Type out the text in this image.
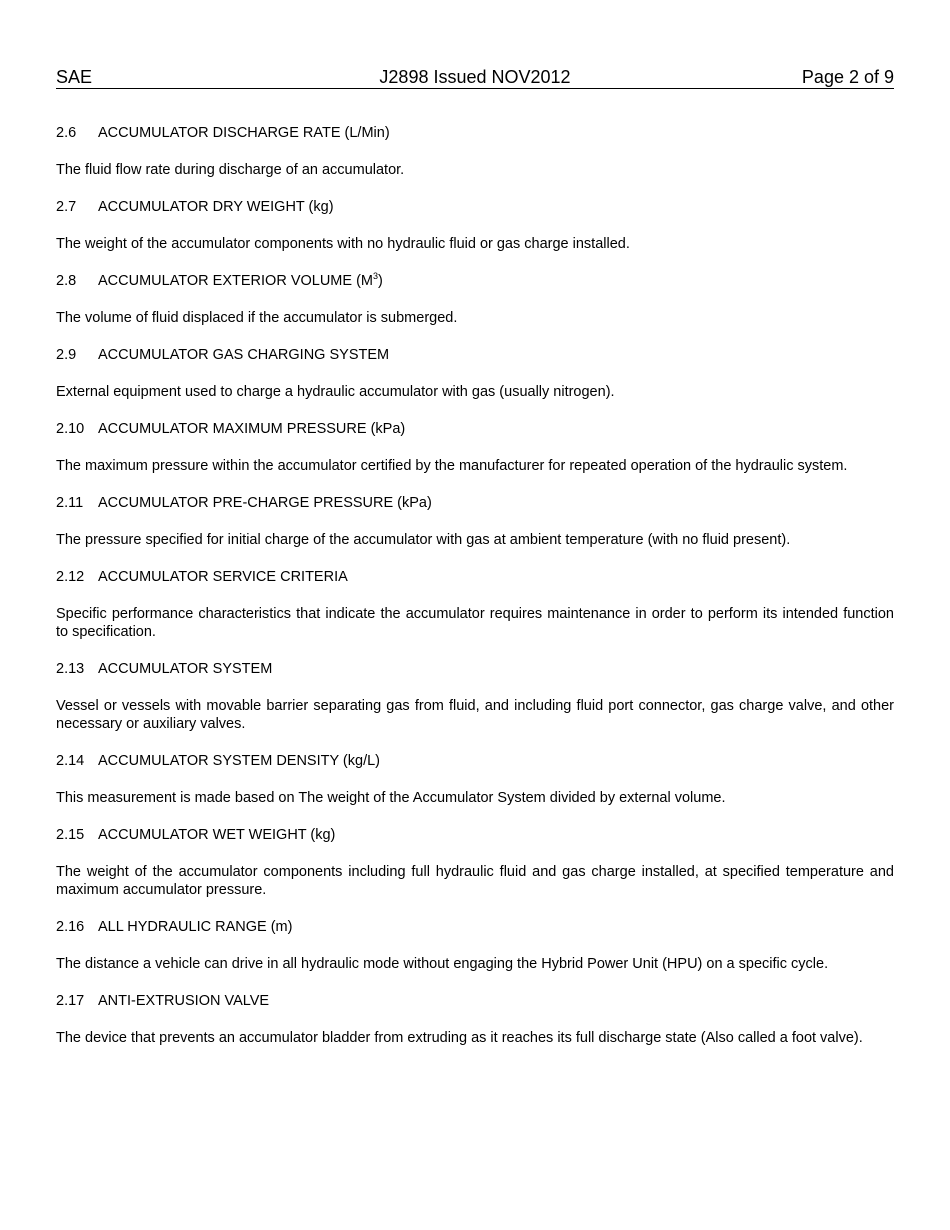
SAE	J2898 Issued NOV2012	Page 2 of 9

2.6 ACCUMULATOR DISCHARGE RATE (L/Min)

The fluid flow rate during discharge of an accumulator.

2.7 ACCUMULATOR DRY WEIGHT (kg)

The weight of the accumulator components with no hydraulic fluid or gas charge installed.

2.8 ACCUMULATOR EXTERIOR VOLUME $(M^3)$

The volume of fluid displaced if the accumulator is submerged.

2.9 ACCUMULATOR GAS CHARGING SYSTEM

External equipment used to charge a hydraulic accumulator with gas (usually nitrogen).

2.10 ACCUMULATOR MAXIMUM PRESSURE (kPa)

The maximum pressure within the accumulator certified by the manufacturer for repeated operation of the hydraulic system.

2.11 ACCUMULATOR PRE-CHARGE PRESSURE (kPa)

The pressure specified for initial charge of the accumulator with gas at ambient temperature (with no fluid present).

2.12 ACCUMULATOR SERVICE CRITERIA

Specific performance characteristics that indicate the accumulator requires maintenance in order to perform its intended function to specification.

2.13 ACCUMULATOR SYSTEM

Vessel or vessels with movable barrier separating gas from fluid, and including fluid port connector, gas charge valve, and other necessary or auxiliary valves.

2.14 ACCUMULATOR SYSTEM DENSITY (kg/L)

This measurement is made based on The weight of the Accumulator System divided by external volume.

2.15 ACCUMULATOR WET WEIGHT (kg)

The weight of the accumulator components including full hydraulic fluid and gas charge installed, at specified temperature and maximum accumulator pressure.

2.16 ALL HYDRAULIC RANGE (m)

The distance a vehicle can drive in all hydraulic mode without engaging the Hybrid Power Unit (HPU) on a specific cycle.

2.17 ANTI-EXTRUSION VALVE

The device that prevents an accumulator bladder from extruding as it reaches its full discharge state (Also called a foot valve).
